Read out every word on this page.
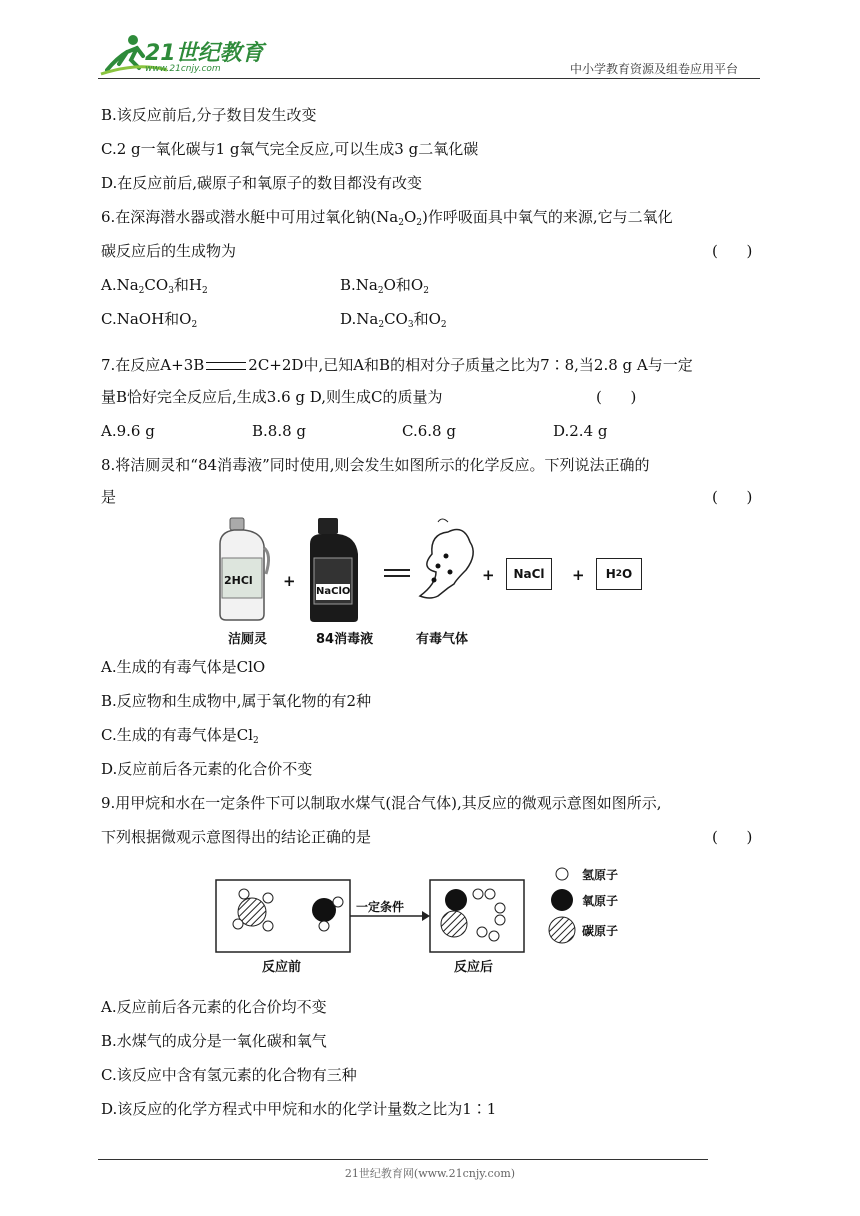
21世纪教育
www.21cnjy.com	中小学教育资源及组卷应用平台
B.该反应前后,分子数目发生改变
C.2 g一氧化碳与1 g氧气完全反应,可以生成3 g二氧化碳
D.在反应前后,碳原子和氧原子的数目都没有改变
6.在深海潜水器或潜水艇中可用过氧化钠$(Na_2O_2)$作呼吸面具中氧气的来源,它与二氧化
碳反应后的生成物为	(      )
$A.Na_2CO_3$和$H_2$	$B.Na_2O$和$O_2$
C.NaOH和$O_2$	$D.Na_2CO_3$和$O_2$
7.在反应A+3B	2C+2D中,已知A和B的相对分子质量之比为7∶8,当2.8 g A与一定
量B恰好完全反应后,生成3.6 g D,则生成C的质量为	(      )
A.9.6 g	B.8.8 g	C.6.8 g	D.2.4 g
8.将洁厕灵和“84消毒液”同时使用,则会发生如图所示的化学反应。下列说法正确的
是	(      )
2HCl
NaClO
+	+	NaCl	+ H 2 O
洁厕灵	84消毒液	有毒气体
A.生成的有毒气体是ClO
B.反应物和生成物中,属于氧化物的有2种
C.生成的有毒气体是$Cl_2$
D.反应前后各元素的化合价不变
9.用甲烷和水在一定条件下可以制取水煤气(混合气体),其反应的微观示意图如图所示,
下列根据微观示意图得出的结论正确的是	(      )
一定条件
反应前	反应后
氢原子
氧原子
碳原子
A.反应前后各元素的化合价均不变
B.水煤气的成分是一氧化碳和氧气
C.该反应中含有氢元素的化合物有三种
D.该反应的化学方程式中甲烷和水的化学计量数之比为1∶1
21世纪教育网(www.21cnjy.com)
